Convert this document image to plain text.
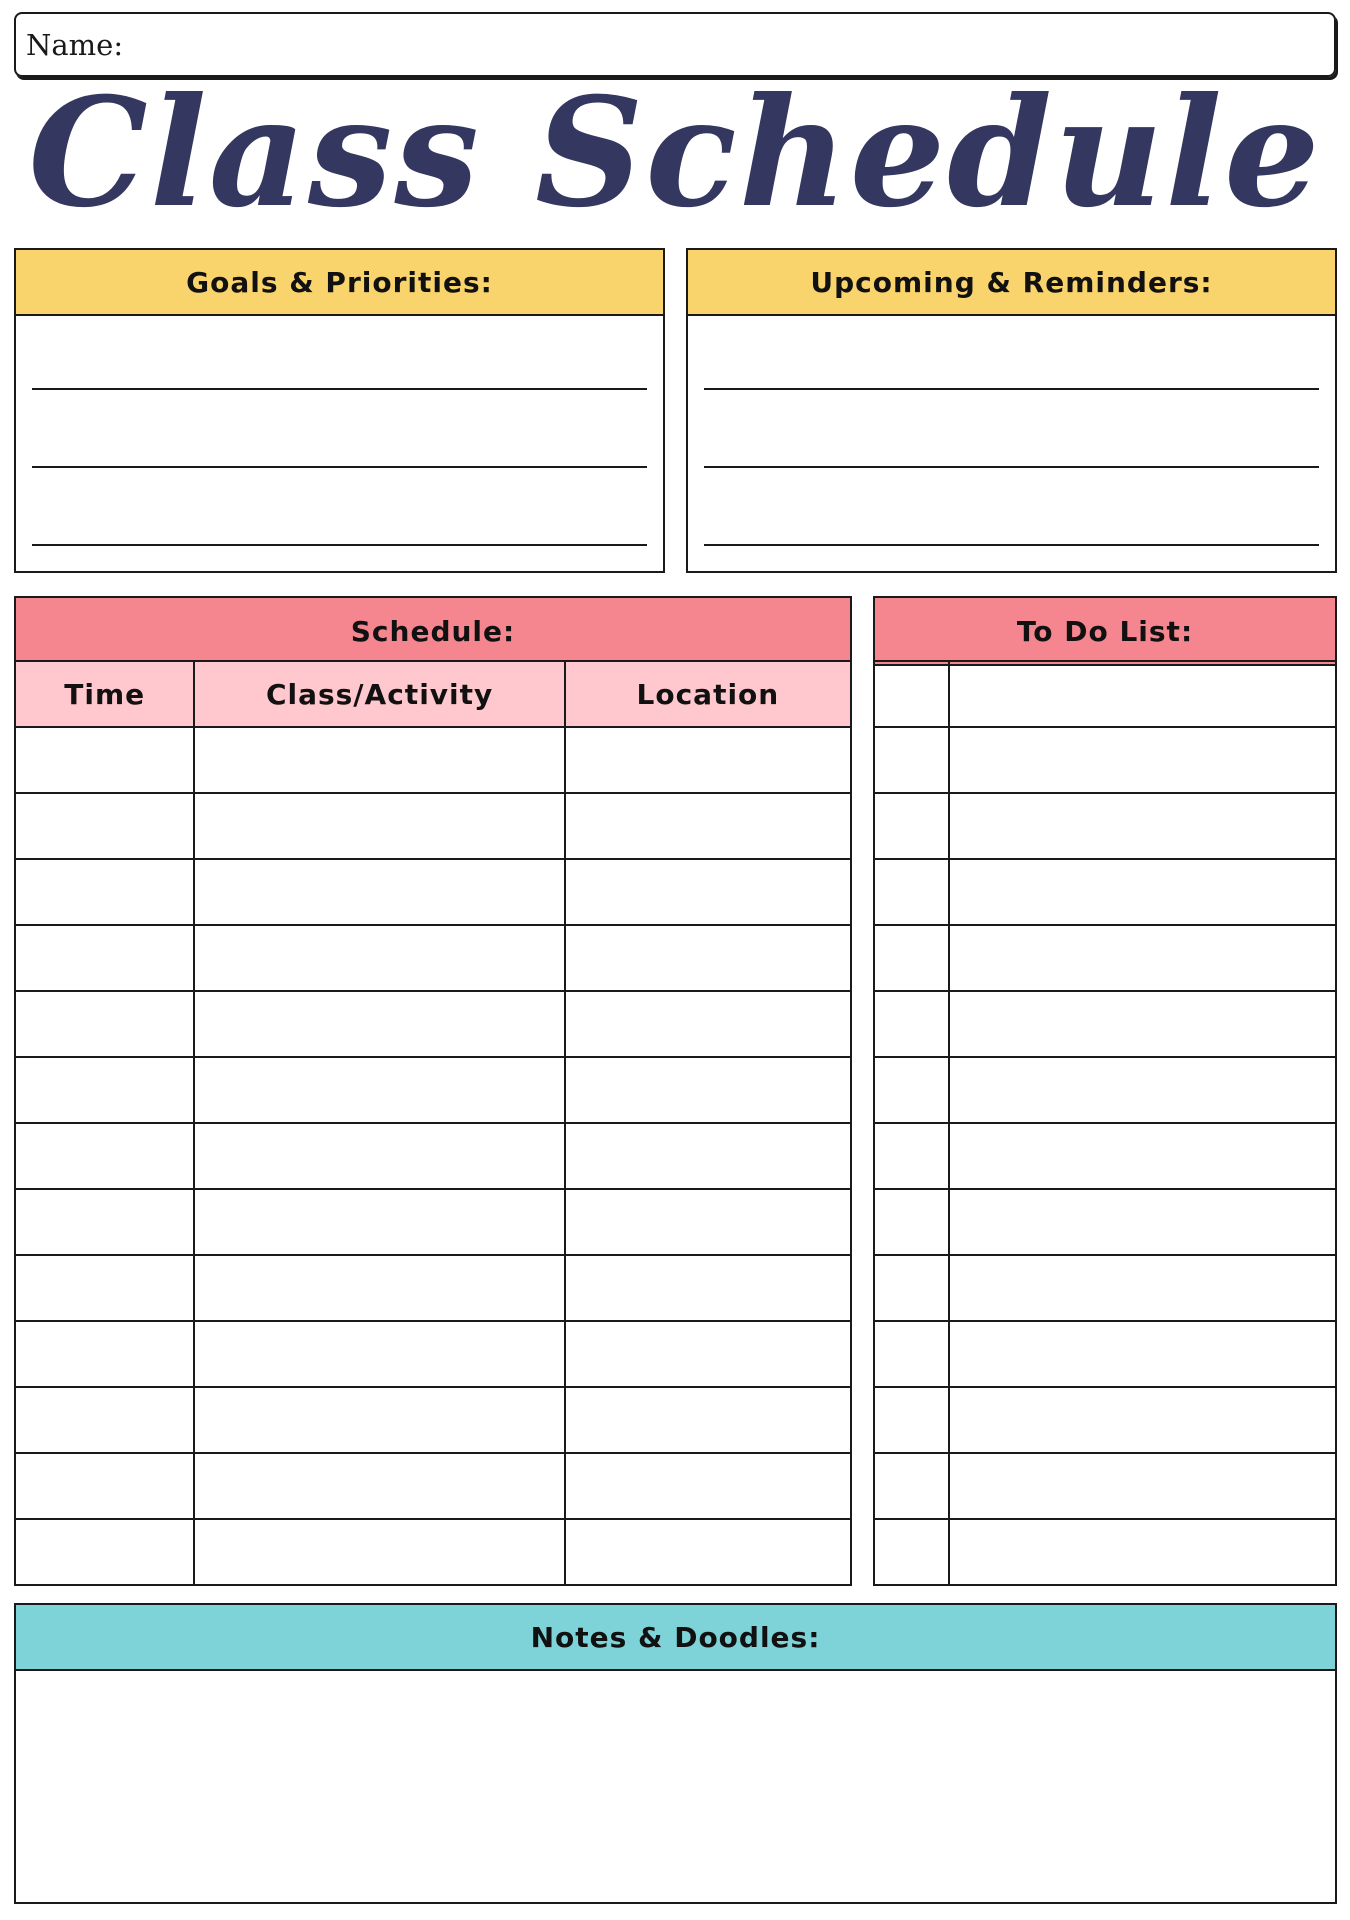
Name:
Class Schedule
Goals & Priorities:	Upcoming & Reminders:
Schedule:
Time	Class/Activity	Location

To Do List:

Notes & Doodles:
